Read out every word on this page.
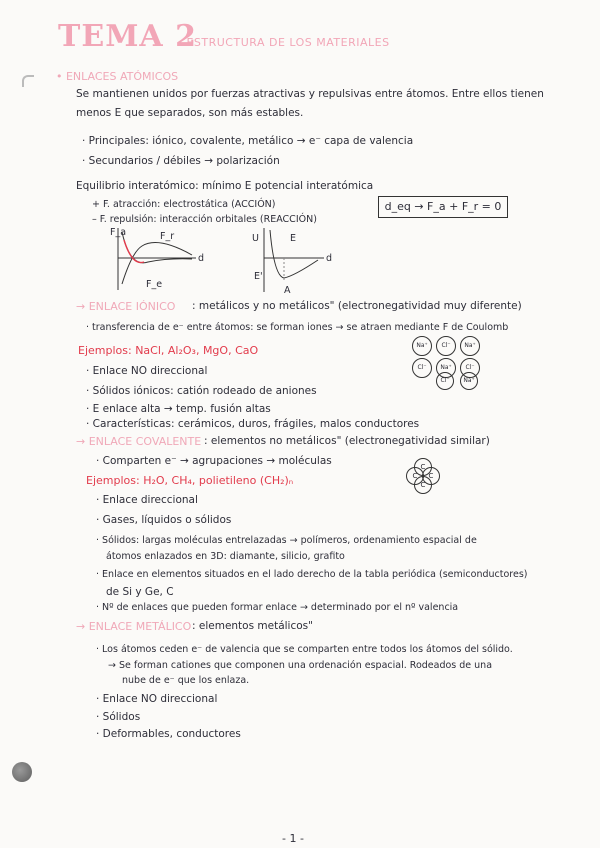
TEMA 2
- ESTRUCTURA DE LOS MATERIALES
• ENLACES ATÓMICOS
Se mantienen unidos por fuerzas atractivas y repulsivas entre átomos. Entre ellos tienen
menos E que separados, son más estables.
· Principales: iónico, covalente, metálico → e⁻ capa de valencia
· Secundarios / débiles → polarización
Equilibrio interatómico: mínimo E potencial interatómica
+ F. atracción: electrostática (ACCIÓN)
– F. repulsión: interacción orbitales (REACCIÓN)
d_eq → F_a + F_r = 0
F_a	F_r
F_e
d
U	E
d
E'
A
→ ENLACE IÓNICO : metálicos y no metálicos" (electronegatividad muy diferente)
· transferencia de e⁻ entre átomos: se forman iones → se atraen mediante F de Coulomb
Ejemplos: NaCl, Al₂O₃, MgO, CaO
· Enlace NO direccional
· Sólidos iónicos: catión rodeado de aniones
· E enlace alta → temp. fusión altas
· Características: cerámicos, duros, frágiles, malos conductores
Na⁺	Cl⁻	Na⁺
Cl⁻	Na⁺	Cl⁻
Cl⁻	Na⁺
→ ENLACE COVALENTE : elementos no metálicos" (electronegatividad similar)
· Comparten e⁻ → agrupaciones → moléculas
Ejemplos: H₂O, CH₄, polietileno (CH₂)ₙ
· Enlace direccional
· Gases, líquidos o sólidos
· Sólidos: largas moléculas entrelazadas → polímeros, ordenamiento espacial de
átomos enlazados en 3D: diamante, silicio, grafito
· Enlace en elementos situados en el lado derecho de la tabla periódica (semiconductores)
de Si y Ge, C
· Nº de enlaces que pueden formar enlace → determinado por el nº valencia
C
C	C
C
→ ENLACE METÁLICO : elementos metálicos"
· Los átomos ceden e⁻ de valencia que se comparten entre todos los átomos del sólido.
→ Se forman cationes que componen una ordenación espacial. Rodeados de una
nube de e⁻ que los enlaza.
· Enlace NO direccional
· Sólidos
· Deformables, conductores
- 1 -
